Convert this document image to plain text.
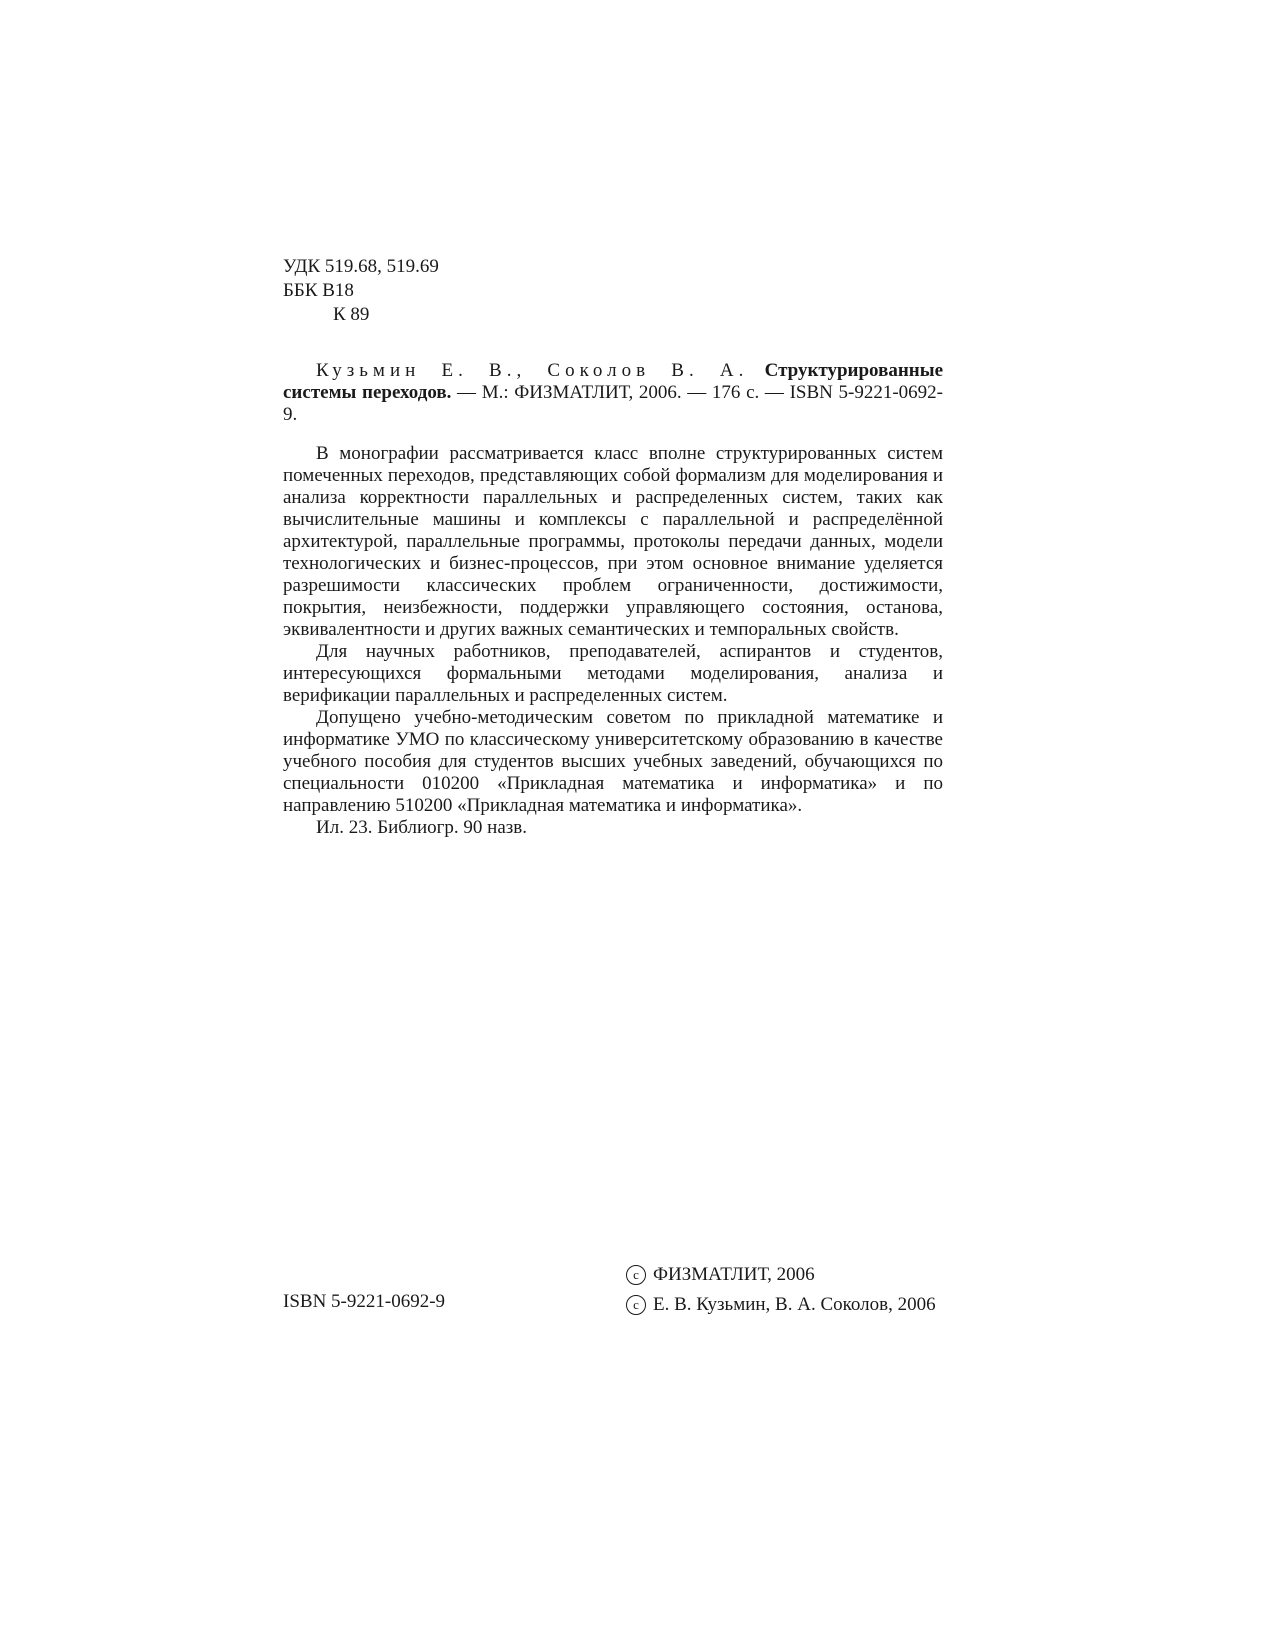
УДК 519.68, 519.69
ББК B18
К 89
Кузьмин Е. В., Соколов В. А. Структурированные системы переходов. — М.: ФИЗМАТЛИТ, 2006. — 176 с. — ISBN 5-9221-0692-9.

В монографии рассматривается класс вполне структурированных систем помеченных переходов, представляющих собой формализм для моделирования и анализа корректности параллельных и распределенных систем, таких как вычислительные машины и комплексы с параллельной и распределённой архитектурой, параллельные программы, протоколы передачи данных, модели технологических и бизнес-процессов, при этом основное внимание уделяется разрешимости классических проблем ограниченности, достижимости, покрытия, неизбежности, поддержки управляющего состояния, останова, эквивалентности и других важных семантических и темпоральных свойств.

Для научных работников, преподавателей, аспирантов и студентов, интересующихся формальными методами моделирования, анализа и верификации параллельных и распределенных систем.

Допущено учебно-методическим советом по прикладной математике и информатике УМО по классическому университетскому образованию в качестве учебного пособия для студентов высших учебных заведений, обучающихся по специальности 010200 «Прикладная математика и информатика» и по направлению 510200 «Прикладная математика и информатика».

Ил. 23. Библиогр. 90 назв.

ISBN 5-9221-0692-9
c ФИЗМАТЛИТ, 2006
c Е. В. Кузьмин, В. А. Соколов, 2006
